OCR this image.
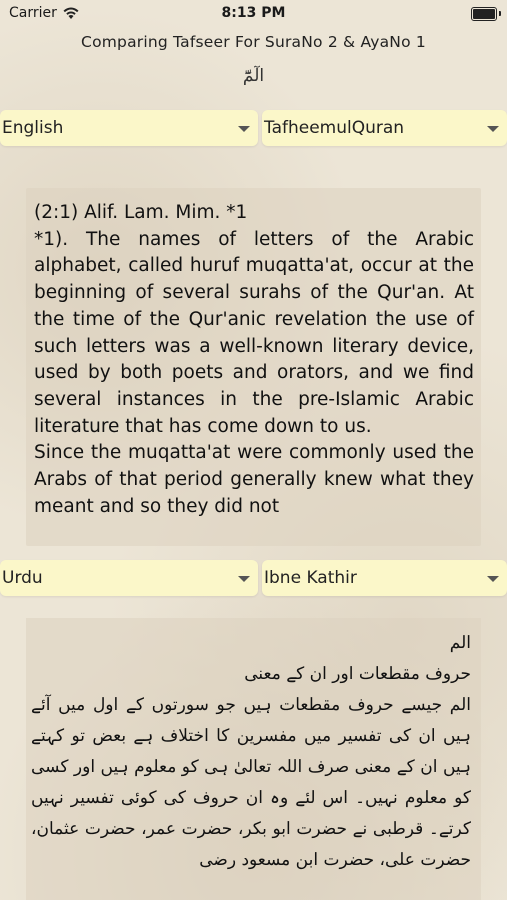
Carrier	8:13 PM
Comparing Tafseer For SuraNo 2 & AyaNo 1
الٓمّٓ
English	TafheemulQuran

(2:1) Alif. Lam. Mim. *1

*1). The names of letters of the Arabic alphabet, called huruf muqatta'at, occur at the beginning of several surahs of the Qur'an. At the time of the Qur'anic revelation the use of such letters was a well-known literary device, used by both poets and orators, and we find several instances in the pre-Islamic Arabic literature that has come down to us.

Since the muqatta'at were commonly used the Arabs of that period generally knew what they meant and so they did not

Urdu	Ibne Kathir

الم

حروف مقطعات اور ان کے معنی

الم جیسے حروف مقطعات ہیں جو سورتوں کے اول میں آئے ہیں ان کی تفسیر میں مفسرین کا اختلاف ہے بعض تو کہتے ہیں ان کے معنی صرف اللہ تعالیٰ ہی کو معلوم ہیں اور کسی کو معلوم نہیں۔ اس لئے وہ ان حروف کی کوئی تفسیر نہیں کرتے۔ قرطبی نے حضرت ابو بکر، حضرت عمر، حضرت عثمان، حضرت علی، حضرت ابن مسعود رضی
